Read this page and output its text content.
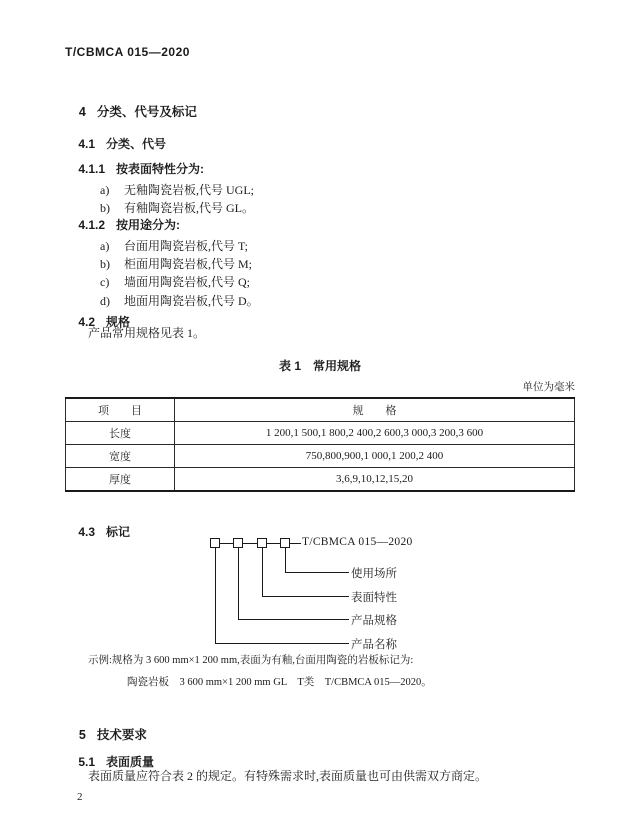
T/CBMCA 015—2020

4 分类、代号及标记

4.1 分类、代号

4.1.1 按表面特性分为:

a) 无釉陶瓷岩板,代号 UGL;

b) 有釉陶瓷岩板,代号 GL。

4.1.2 按用途分为:

a) 台面用陶瓷岩板,代号 T;

b) 柜面用陶瓷岩板,代号 M;

c) 墙面用陶瓷岩板,代号 Q;

d) 地面用陶瓷岩板,代号 D。

4.2 规格

产品常用规格见表 1。
表 1　常用规格
单位为毫米
项　　目	规　　格
长度	1 200,1 500,1 800,2 400,2 600,3 000,3 200,3 600
宽度	750,800,900,1 000,1 200,2 400
厚度	3,6,9,10,12,15,20

4.3 标记

T/CBMCA 015—2020
使用场所
表面特性
产品规格
产品名称
示例:规格为 3 600 mm×1 200 mm,表面为有釉,台面用陶瓷的岩板标记为:
陶瓷岩板　3 600 mm×1 200 mm GL　T类　T/CBMCA 015—2020。

5 技术要求

5.1 表面质量

表面质量应符合表 2 的规定。有特殊需求时,表面质量也可由供需双方商定。
2
